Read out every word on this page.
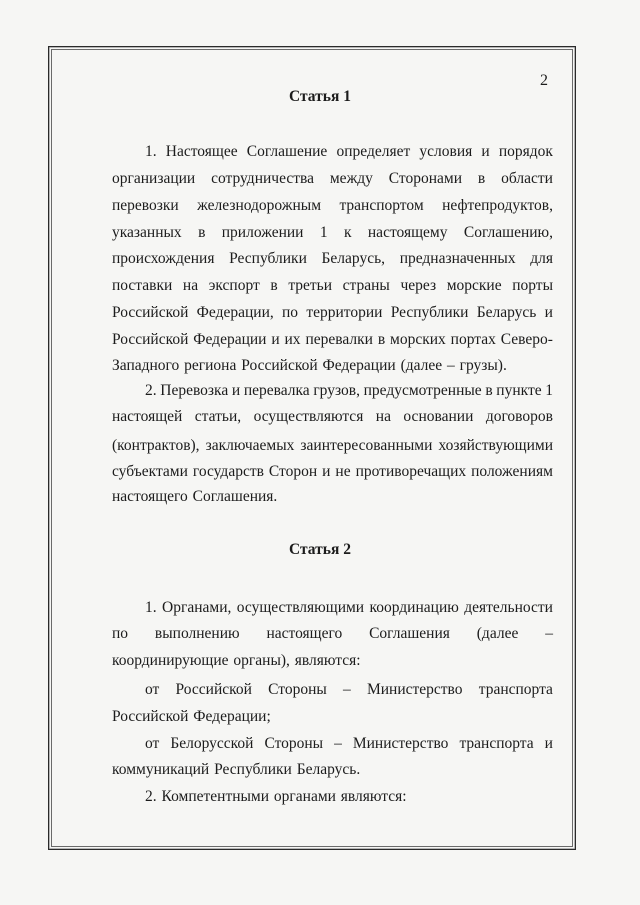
2
Статья 1
1. Настоящее Соглашение определяет условия и порядок
организации сотрудничества между Сторонами в области
перевозки железнодорожным транспортом нефтепродуктов,
указанных в приложении 1 к настоящему Соглашению,
происхождения Республики Беларусь, предназначенных для
поставки на экспорт в третьи страны через морские порты
Российской Федерации, по территории Республики Беларусь и
Российской Федерации и их перевалки в морских портах Северо-
Западного региона Российской Федерации (далее – грузы).
2. Перевозка и перевалка грузов, предусмотренные в пункте 1
настоящей статьи, осуществляются на основании договоров
(контрактов), заключаемых заинтересованными хозяйствующими
субъектами государств Сторон и не противоречащих положениям
настоящего Соглашения.
Статья 2
1. Органами, осуществляющими координацию деятельности
по выполнению настоящего Соглашения (далее –
координирующие органы), являются:
от Российской Стороны – Министерство транспорта
Российской Федерации;
от Белорусской Стороны – Министерство транспорта и
коммуникаций Республики Беларусь.
2. Компетентными органами являются:
